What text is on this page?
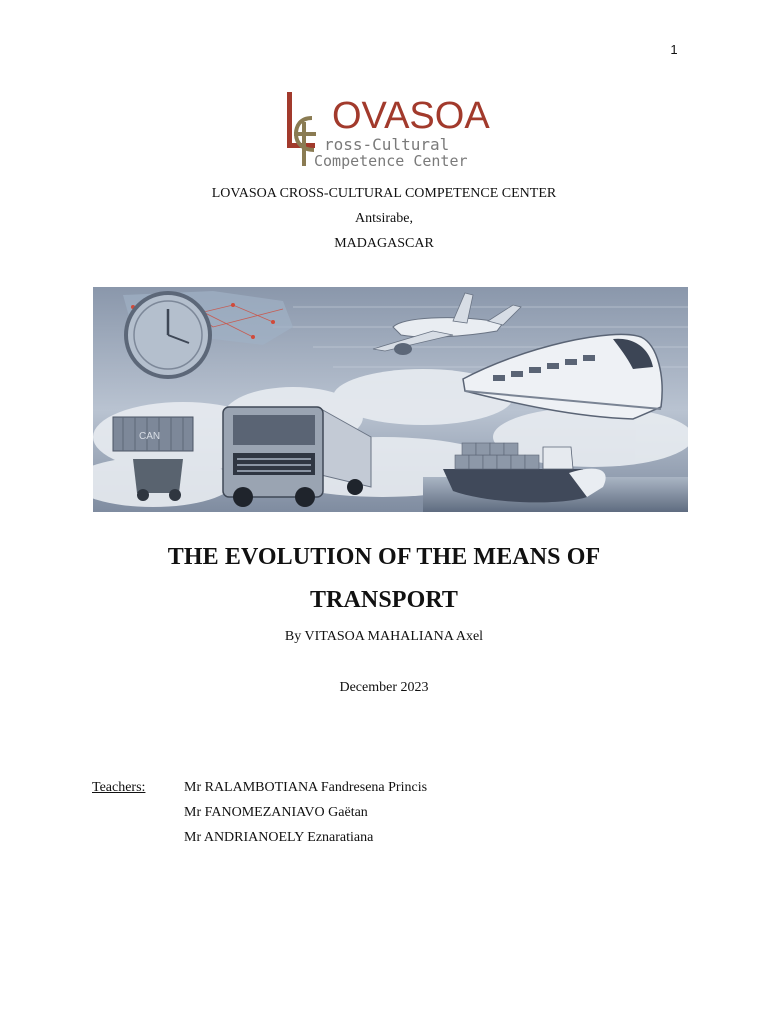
1
OVASOA
ross-Cultural
Competence Center
LOVASOA CROSS-CULTURAL COMPETENCE CENTER
Antsirabe,
MADAGASCAR
CAN
THE EVOLUTION OF THE MEANS OF
TRANSPORT
By VITASOA MAHALIANA Axel
December 2023
Teachers:	Mr RALAMBOTIANA Fandresena Princis
Mr FANOMEZANIAVO Gaëtan
Mr ANDRIANOELY Eznaratiana
